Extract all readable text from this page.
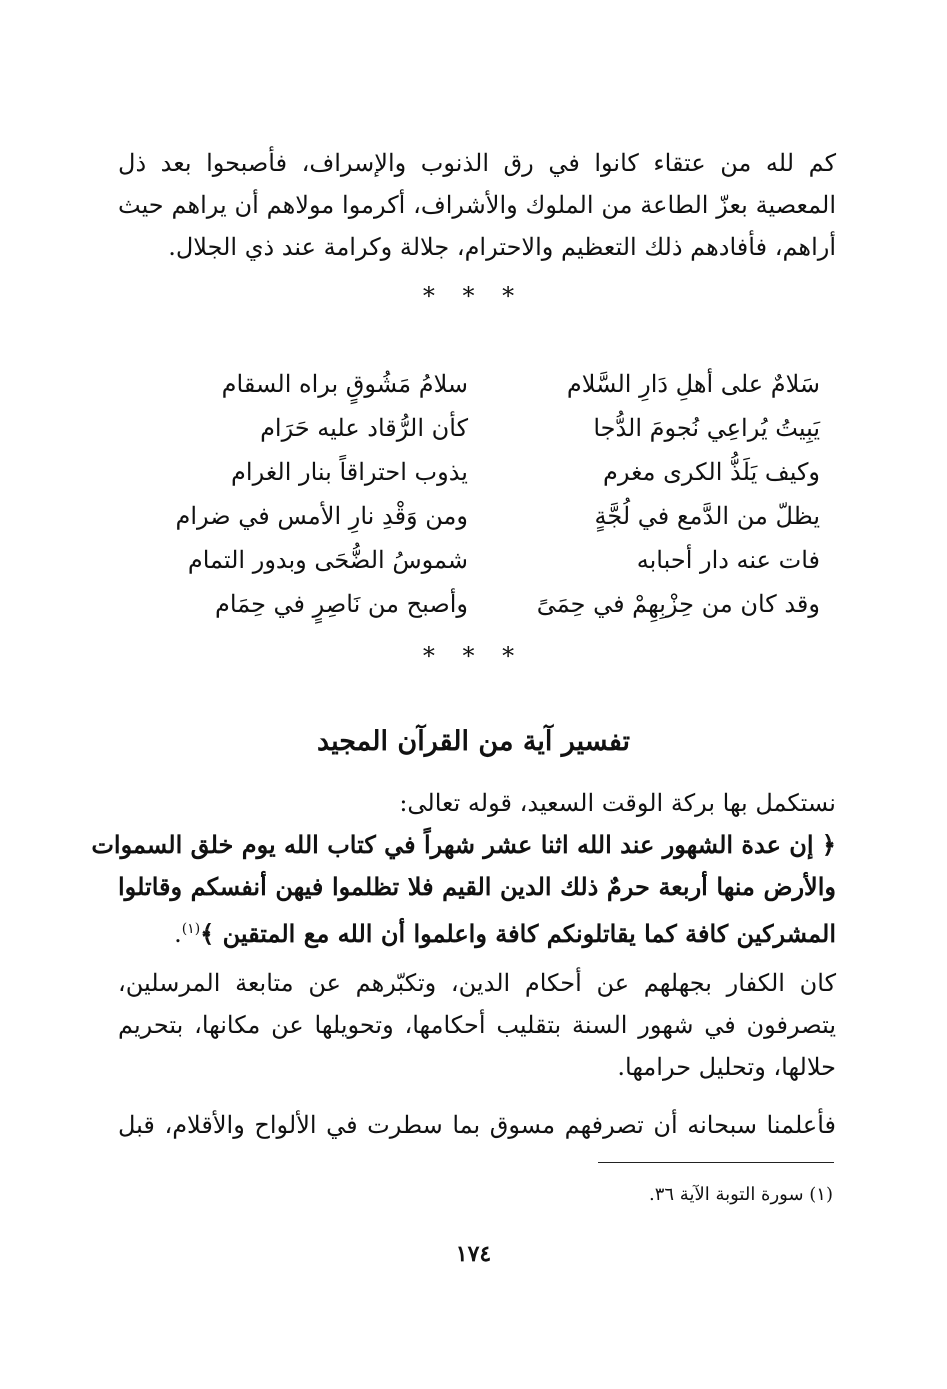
كم لله من عتقاء كانوا في رق الذنوب والإسراف، فأصبحوا بعد ذل
المعصية بعزّ الطاعة من الملوك والأشراف، أكرموا مولاهم أن يراهم حيث
أراهم، فأفادهم ذلك التعظيم والاحترام، جلالة وكرامة عند ذي الجلال.
* * *
سَلامٌ على أهلِ دَارِ السَّلام
سلامُ مَشُوقٍ براه السقام
يَبِيتُ يُراعِي نُجومَ الدُّجا
كأن الرُّقاد عليه حَرَام
وكيف يَلَذُّ الكرى مغرم
يذوب احتراقاً بنار الغرام
يظلّ من الدَّمع في لُجَّةٍ
ومن وَقْدِ نارِ الأمس في ضرام
فات عنه دار أحبابه
شموسُ الضُّحَى وبدور التمام
وقد كان من حِزْبِهِمْ في حِمَىً
وأصبح من نَاصِرٍ في حِمَام
* * *
تفسير آية من القرآن المجيد
نستكمل بها بركة الوقت السعيد، قوله تعالى:
﴿ إن عدة الشهور عند الله اثنا عشر شهراً في كتاب الله يوم خلق السموات
والأرض منها أربعة حرمٌ ذلك الدين القيم فلا تظلموا فيهن أنفسكم وقاتلوا
المشركين كافة كما يقاتلونكم كافة واعلموا أن الله مع المتقين ﴾$^{(١)}$.
كان الكفار بجهلهم عن أحكام الدين، وتكبّرهم عن متابعة المرسلين،
يتصرفون في شهور السنة بتقليب أحكامها، وتحويلها عن مكانها، بتحريم
حلالها، وتحليل حرامها.
فأعلمنا سبحانه أن تصرفهم مسوق بما سطرت في الألواح والأقلام، قبل
(١) سورة التوبة الآية ٣٦.
١٧٤
